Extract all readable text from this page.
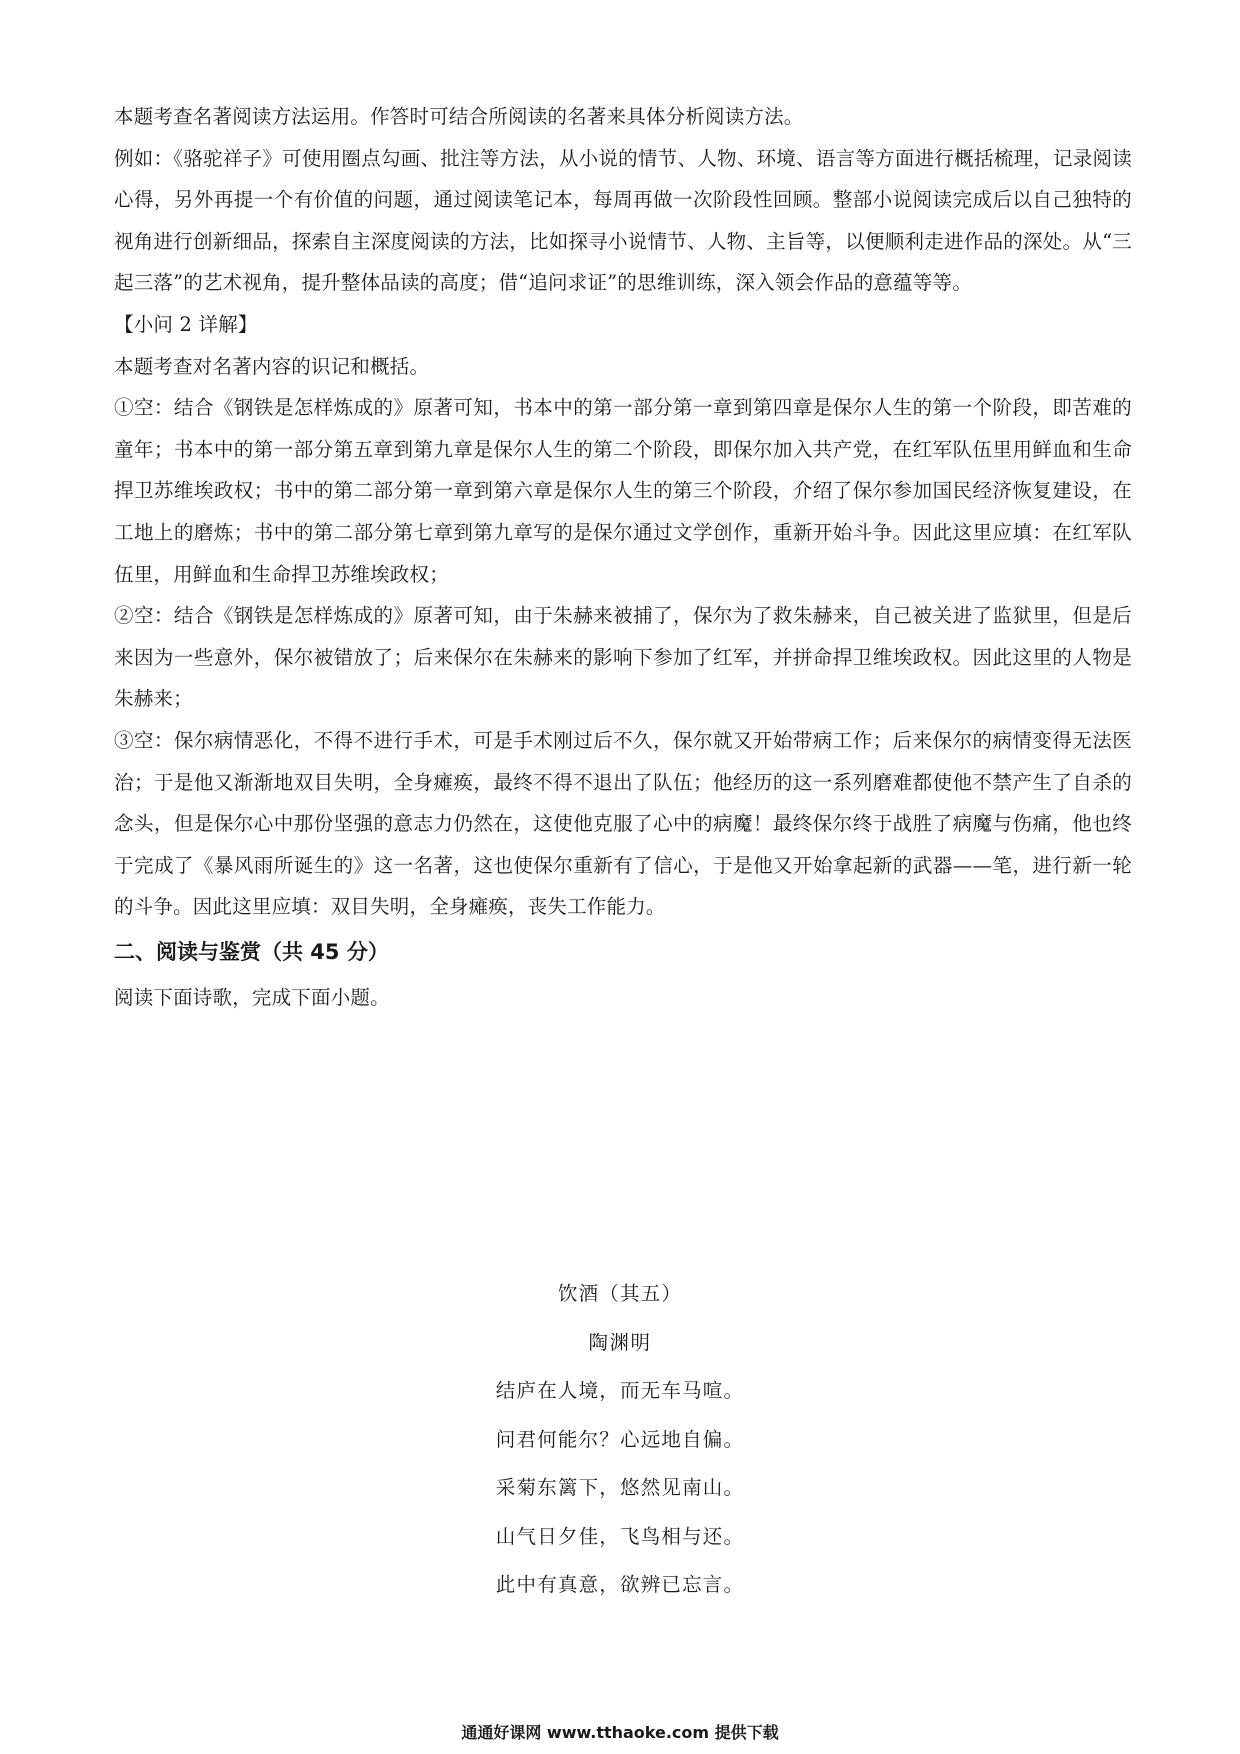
本题考查名著阅读方法运用。作答时可结合所阅读的名著来具体分析阅读方法。

例如：《骆驼祥子》可使用圈点勾画、批注等方法，从小说的情节、人物、环境、语言等方面进行概括梳理，记录阅读心得，另外再提一个有价值的问题，通过阅读笔记本，每周再做一次阶段性回顾。整部小说阅读完成后以自己独特的视角进行创新细品，探索自主深度阅读的方法，比如探寻小说情节、人物、主旨等，以便顺利走进作品的深处。从“三起三落”的艺术视角，提升整体品读的高度；借“追问求证”的思维训练，深入领会作品的意蕴等等。

【小问 2 详解】

本题考查对名著内容的识记和概括。

①空：结合《钢铁是怎样炼成的》原著可知，书本中的第一部分第一章到第四章是保尔人生的第一个阶段，即苦难的童年；书本中的第一部分第五章到第九章是保尔人生的第二个阶段，即保尔加入共产党，在红军队伍里用鲜血和生命捍卫苏维埃政权；书中的第二部分第一章到第六章是保尔人生的第三个阶段，介绍了保尔参加国民经济恢复建设，在工地上的磨炼；书中的第二部分第七章到第九章写的是保尔通过文学创作，重新开始斗争。因此这里应填：在红军队伍里，用鲜血和生命捍卫苏维埃政权；

②空：结合《钢铁是怎样炼成的》原著可知，由于朱赫来被捕了，保尔为了救朱赫来，自己被关进了监狱里，但是后来因为一些意外，保尔被错放了；后来保尔在朱赫来的影响下参加了红军，并拼命捍卫维埃政权。因此这里的人物是朱赫来；

③空：保尔病情恶化，不得不进行手术，可是手术刚过后不久，保尔就又开始带病工作；后来保尔的病情变得无法医治；于是他又渐渐地双目失明，全身瘫痪，最终不得不退出了队伍；他经历的这一系列磨难都使他不禁产生了自杀的念头，但是保尔心中那份坚强的意志力仍然在，这使他克服了心中的病魔！最终保尔终于战胜了病魔与伤痛，他也终于完成了《暴风雨所诞生的》这一名著，这也使保尔重新有了信心，于是他又开始拿起新的武器——笔，进行新一轮的斗争。因此这里应填：双目失明，全身瘫痪，丧失工作能力。

二、阅读与鉴赏（共 45 分）

阅读下面诗歌，完成下面小题。

饮酒（其五）

陶渊明

结庐在人境，而无车马喧。

问君何能尔？心远地自偏。

采菊东篱下，悠然见南山。

山气日夕佳，飞鸟相与还。

此中有真意，欲辨已忘言。

通通好课网 www.tthaoke.com 提供下载
